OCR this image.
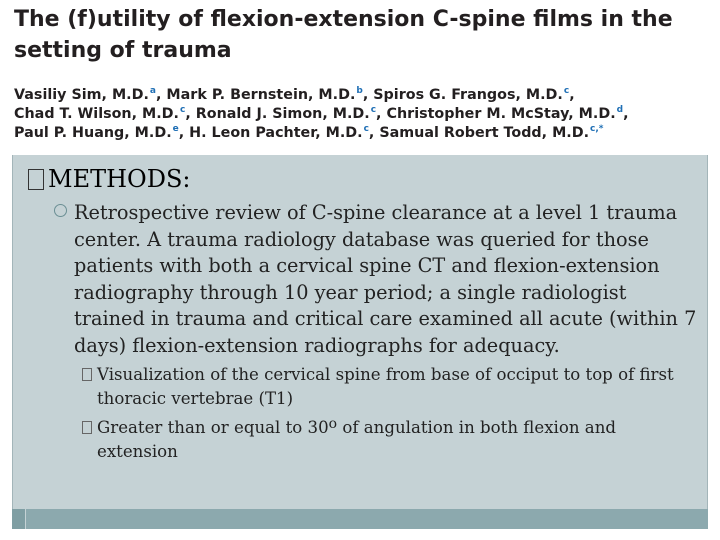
The (f)utility of flexion-extension C-spine films in the
setting of trauma

Vasiliy Sim, M.D.$^a$, Mark P. Bernstein, M.D.$^b$, Spiros G. Frangos, M.D.$^c$, Chad T. Wilson, M.D.$^c$, Ronald J. Simon, M.D.$^c$, Christopher M. McStay, M.D.$^d$, Paul P. Huang, M.D.$^e$, H. Leon Pachter, M.D.$^c$, Samual Robert Todd, M.D.$^{c,*}$

METHODS:

Retrospective review of C-spine clearance at a level 1 trauma center. A trauma radiology database was queried for those patients with both a cervical spine CT and flexion-extension radiography through 10 year period; a single radiologist trained in trauma and critical care examined all acute (within 7 days) flexion-extension radiographs for adequacy.

Visualization of the cervical spine from base of occiput to top of first thoracic vertebrae (T1)

Greater than or equal to 30$^o$ of angulation in both flexion and extension
